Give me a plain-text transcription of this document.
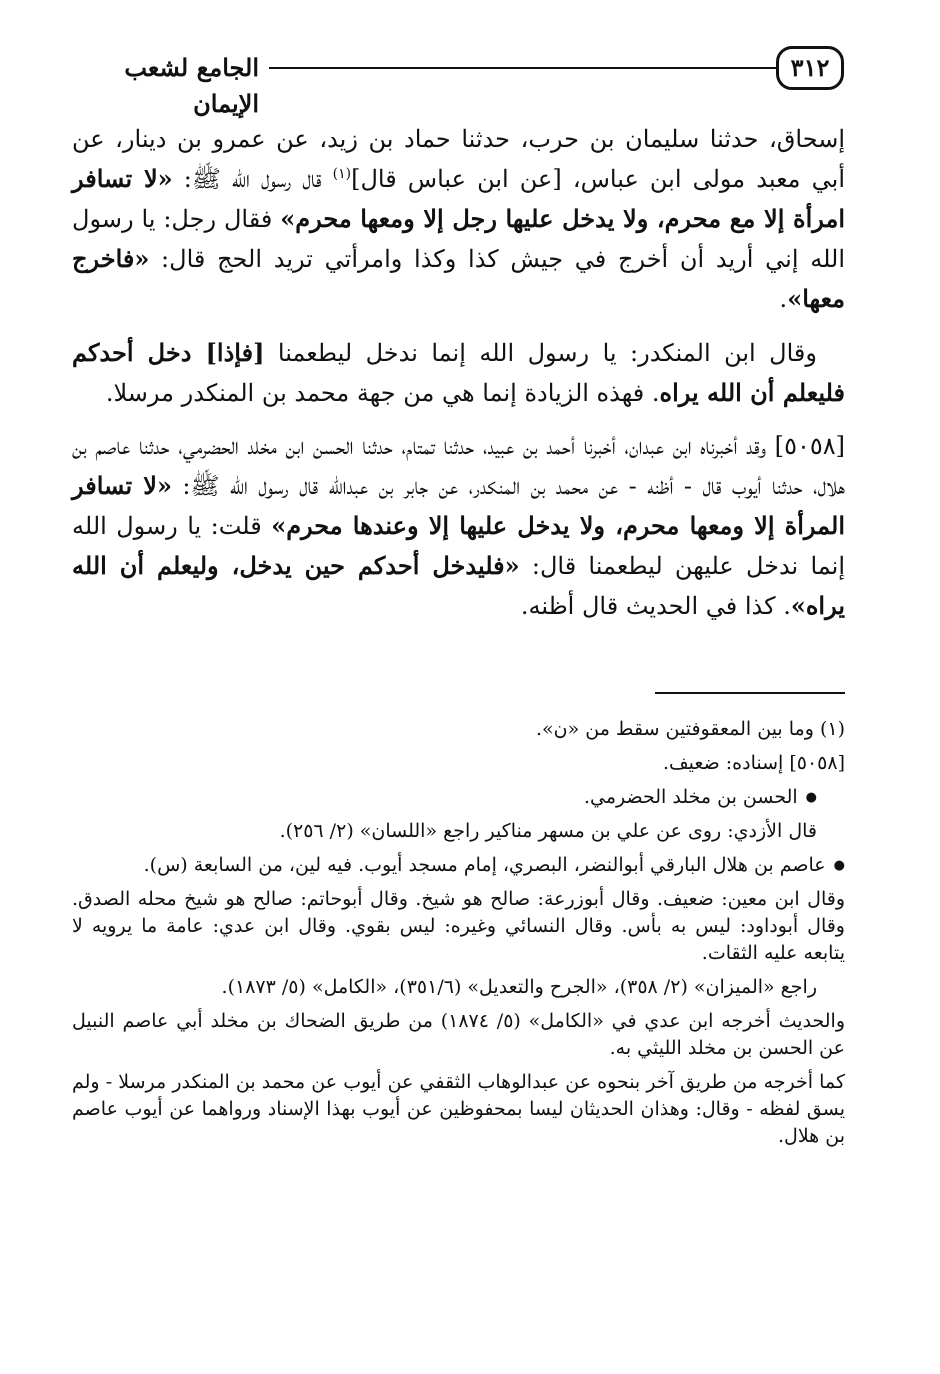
٣١٢
الجامع لشعب الإيمان

إسحاق، حدثنا سليمان بن حرب، حدثنا حماد بن زيد، عن عمرو بن دينار، عن أبي معبد مولى ابن عباس، [عن ابن عباس قال]$^{(١)}$ قال رسول الله ﷺ: «لا تسافر امرأة إلا مع محرم، ولا يدخل عليها رجل إلا ومعها محرم» فقال رجل: يا رسول الله إني أريد أن أخرج في جيش كذا وكذا وامرأتي تريد الحج قال: «فاخرج معها».

وقال ابن المنكدر: يا رسول الله إنما ندخل ليطعمنا [فإذا] دخل أحدكم فليعلم أن الله يراه. فهذه الزيادة إنما هي من جهة محمد بن المنكدر مرسلا.

[٥٠٥٨] وقد أخبرناه ابن عبدان، أخبرنا أحمد بن عبيد، حدثنا تمتام، حدثنا الحسن ابن مخلد الحضرمي، حدثنا عاصم بن هلال، حدثنا أيوب قال - أظنه - عن محمد بن المنكدر، عن جابر بن عبدالله قال رسول الله ﷺ: «لا تسافر المرأة إلا ومعها محرم، ولا يدخل عليها إلا وعندها محرم» قلت: يا رسول الله إنما ندخل عليهن ليطعمنا قال: «فليدخل أحدكم حين يدخل، وليعلم أن الله يراه». كذا في الحديث قال أظنه.

(١) وما بين المعقوفتين سقط من «ن».

[٥٠٥٨] إسناده: ضعيف.

● الحسن بن مخلد الحضرمي.

قال الأزدي: روى عن علي بن مسهر مناكير راجع «اللسان» (٢/ ٢٥٦).

● عاصم بن هلال البارقي أبوالنضر، البصري، إمام مسجد أيوب. فيه لين، من السابعة (س).

وقال ابن معين: ضعيف. وقال أبوزرعة: صالح هو شيخ. وقال أبوحاتم: صالح هو شيخ محله الصدق. وقال أبوداود: ليس به بأس. وقال النسائي وغيره: ليس بقوي. وقال ابن عدي: عامة ما يرويه لا يتابعه عليه الثقات.

راجع «الميزان» (٢/ ٣٥٨)، «الجرح والتعديل» (٣٥١/٦)، «الكامل» (٥/ ١٨٧٣).

والحديث أخرجه ابن عدي في «الكامل» (٥/ ١٨٧٤) من طريق الضحاك بن مخلد أبي عاصم النبيل عن الحسن بن مخلد الليثي به.

كما أخرجه من طريق آخر بنحوه عن عبدالوهاب الثقفي عن أيوب عن محمد بن المنكدر مرسلا - ولم يسق لفظه - وقال: وهذان الحديثان ليسا بمحفوظين عن أيوب بهذا الإسناد ورواهما عن أيوب عاصم بن هلال.
